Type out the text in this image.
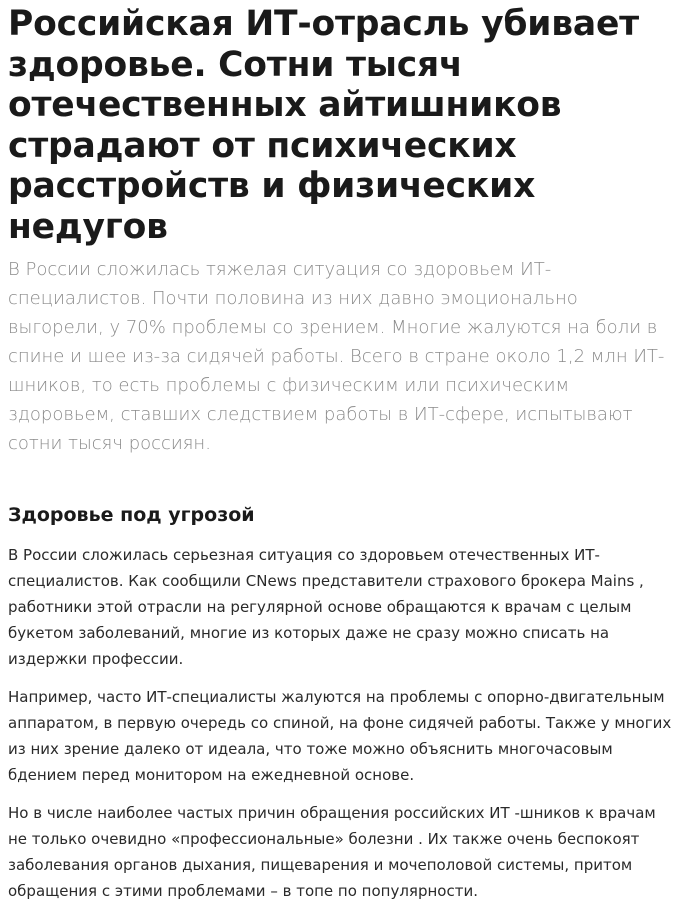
Российская ИТ-отрасль убивает здоровье. Сотни тысяч отечественных айтишников страдают от психических расстройств и физических недугов

В России сложилась тяжелая ситуация со здоровьем ИТ-специалистов. Почти половина из них давно эмоционально выгорели, у 70% проблемы со зрением. Многие жалуются на боли в спине и шее из-за сидячей работы. Всего в стране около 1,2 млн ИТ-шников, то есть проблемы с физическим или психическим здоровьем, ставших следствием работы в ИТ-сфере, испытывают сотни тысяч россиян.

Здоровье под угрозой

В России сложилась серьезная ситуация со здоровьем отечественных ИТ-специалистов. Как сообщили CNews представители страхового брокера Mains , работники этой отрасли на регулярной основе обращаются к врачам с целым букетом заболеваний, многие из которых даже не сразу можно списать на издержки профессии.

Например, часто ИТ-специалисты жалуются на проблемы с опорно-двигательным аппаратом, в первую очередь со спиной, на фоне сидячей работы. Также у многих из них зрение далеко от идеала, что тоже можно объяснить многочасовым бдением перед монитором на ежедневной основе.

Но в числе наиболее частых причин обращения российских ИТ -шников к врачам не только очевидно «профессиональные» болезни . Их также очень беспокоят заболевания органов дыхания, пищеварения и мочеполовой системы, притом обращения с этими проблемами – в топе по популярности.
